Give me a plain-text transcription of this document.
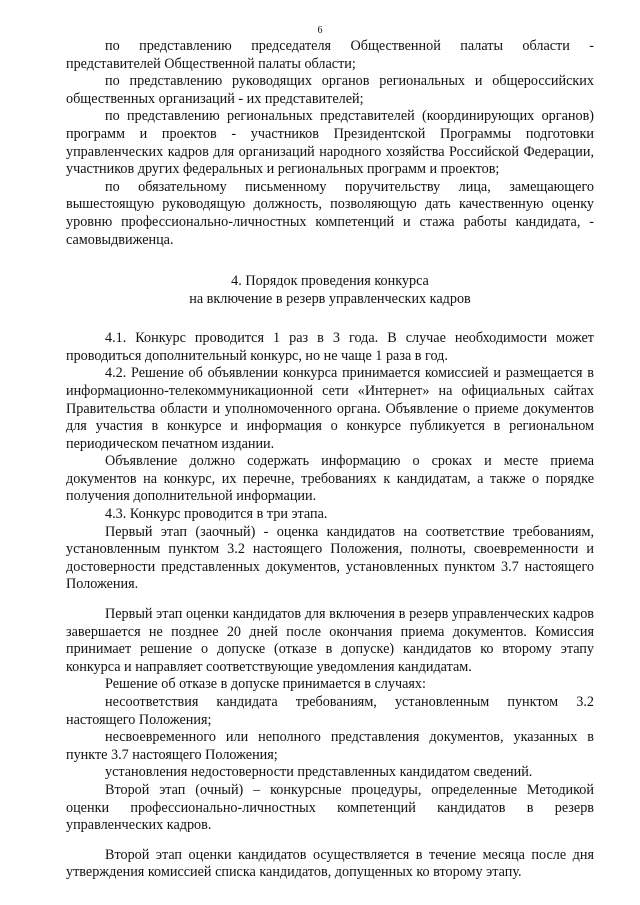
6

по представлению председателя Общественной палаты области - представителей Общественной палаты области;

по представлению руководящих органов региональных и общероссийских общественных организаций - их представителей;

по представлению региональных представителей (координирующих органов) программ и проектов - участников Президентской Программы подготовки управленческих кадров для организаций народного хозяйства Российской Федерации, участников других федеральных и региональных программ и проектов;

по обязательному письменному поручительству лица, замещающего вышестоящую руководящую должность, позволяющую дать качественную оценку уровню профессионально-личностных компетенций и стажа работы кандидата, - самовыдвиженца.

4. Порядок проведения конкурса
на включение в резерв управленческих кадров

4.1. Конкурс проводится 1 раз в 3 года. В случае необходимости может проводиться дополнительный конкурс, но не чаще 1 раза в год.

4.2. Решение об объявлении конкурса принимается комиссией и размещается в информационно-телекоммуникационной сети «Интернет» на официальных сайтах Правительства области и уполномоченного органа. Объявление о приеме документов для участия в конкурсе и информация о конкурсе публикуется в региональном периодическом печатном издании.

Объявление должно содержать информацию о сроках и месте приема документов на конкурс, их перечне, требованиях к кандидатам, а также о порядке получения дополнительной информации.

4.3. Конкурс проводится в три этапа.

Первый этап (заочный) - оценка кандидатов на соответствие требованиям, установленным пунктом 3.2 настоящего Положения, полноты, своевременности и достоверности представленных документов, установленных пунктом 3.7 настоящего Положения.

Первый этап оценки кандидатов для включения в резерв управленческих кадров завершается не позднее 20 дней после окончания приема документов. Комиссия принимает решение о допуске (отказе в допуске) кандидатов ко второму этапу конкурса и направляет соответствующие уведомления кандидатам.

Решение об отказе в допуске принимается в случаях:

несоответствия кандидата требованиям, установленным пунктом 3.2 настоящего Положения;

несвоевременного или неполного представления документов, указанных в пункте 3.7 настоящего Положения;

установления недостоверности представленных кандидатом сведений.

Второй этап (очный) – конкурсные процедуры, определенные Методикой оценки профессионально-личностных компетенций кандидатов в резерв управленческих кадров.

Второй этап оценки кандидатов осуществляется в течение месяца после дня утверждения комиссией списка кандидатов, допущенных ко второму этапу.
